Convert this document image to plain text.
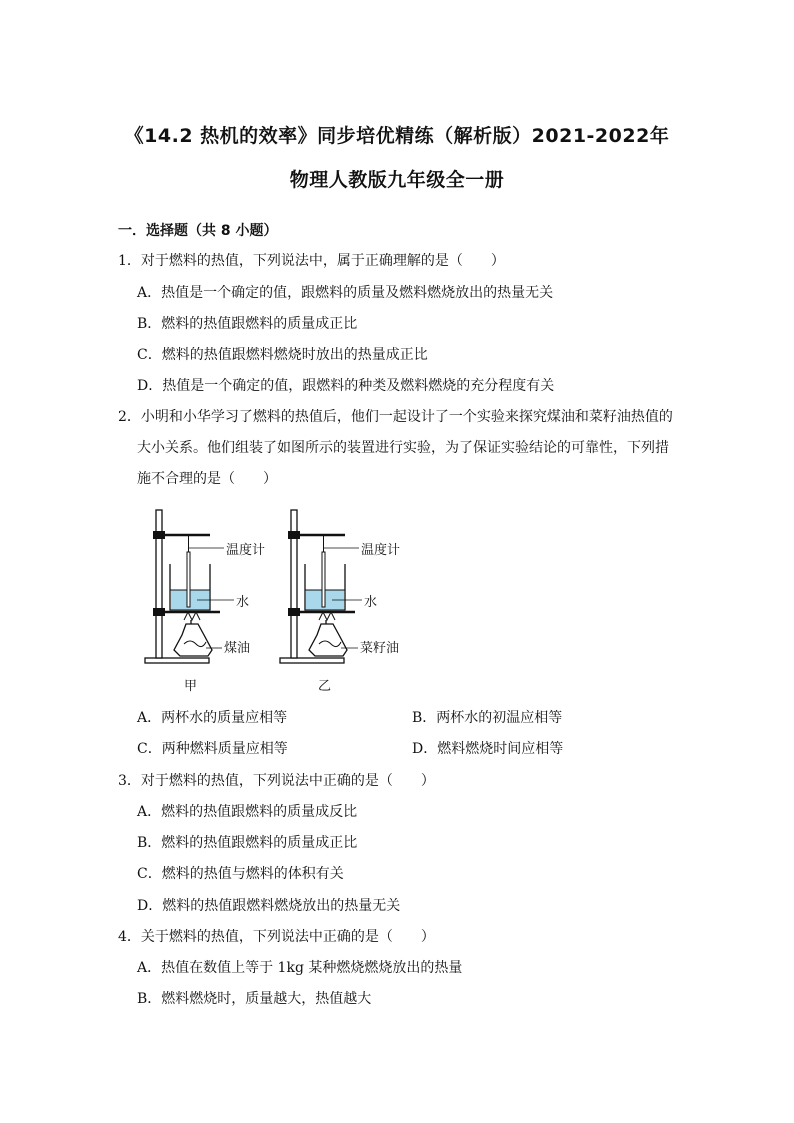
《14.2 热机的效率》同步培优精练（解析版）2021-2022年
物理人教版九年级全一册
一．选择题（共 8 小题）
1．对于燃料的热值，下列说法中，属于正确理解的是（　　）
A．热值是一个确定的值，跟燃料的质量及燃料燃烧放出的热量无关
B．燃料的热值跟燃料的质量成正比
C．燃料的热值跟燃料燃烧时放出的热量成正比
D．热值是一个确定的值，跟燃料的种类及燃料燃烧的充分程度有关
2．小明和小华学习了燃料的热值后，他们一起设计了一个实验来探究煤油和菜籽油热值的
大小关系。他们组装了如图所示的装置进行实验，为了保证实验结论的可靠性，下列措
施不合理的是（　　）
温度计
水
煤油
甲
温度计
水
菜籽油
乙
A．两杯水的质量应相等	B．两杯水的初温应相等
C．两种燃料质量应相等	D．燃料燃烧时间应相等
3．对于燃料的热值，下列说法中正确的是（　　）
A．燃料的热值跟燃料的质量成反比
B．燃料的热值跟燃料的质量成正比
C．燃料的热值与燃料的体积有关
D．燃料的热值跟燃料燃烧放出的热量无关
4．关于燃料的热值，下列说法中正确的是（　　）
A．热值在数值上等于 1kg 某种燃烧燃烧放出的热量
B．燃料燃烧时，质量越大，热值越大
